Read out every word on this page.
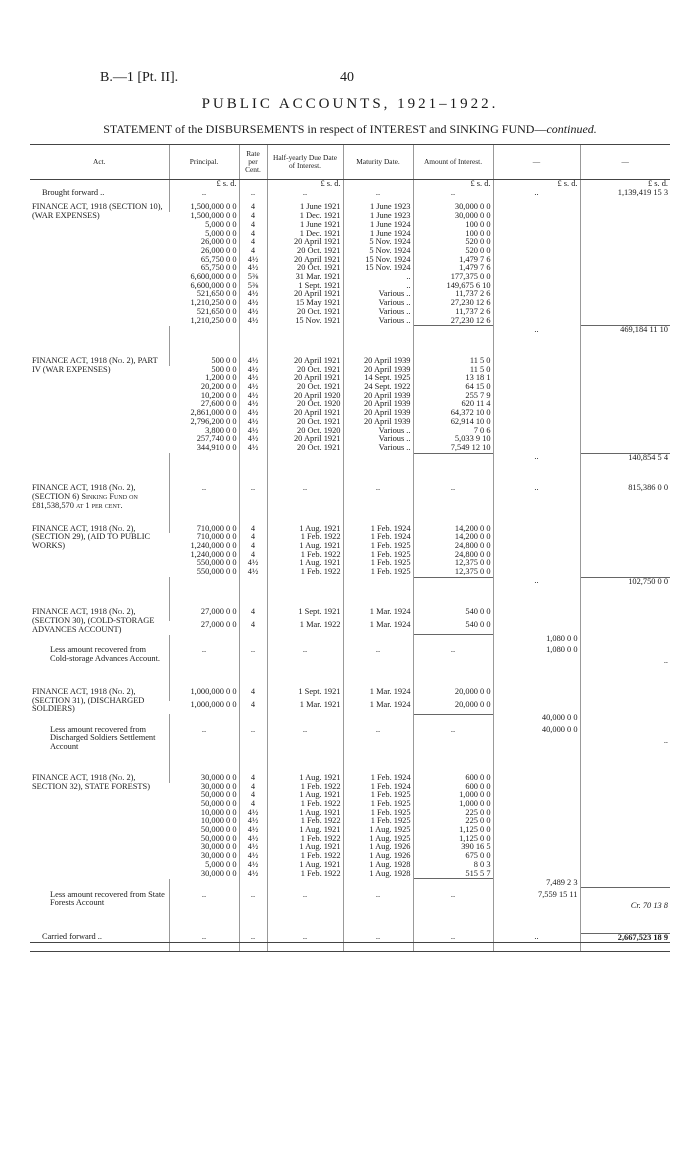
B.—1 [Pt. II].	40
PUBLIC ACCOUNTS, 1921–1922.
STATEMENT of the DISBURSEMENTS in respect of INTEREST and SINKING FUND—continued.
Act.	Principal.	Rate per Cent.	Half-yearly Due Date of Interest.	Maturity Date.	Amount of Interest.	—	—
	£ s. d.		£ s. d.		£ s. d.	£ s. d.	£ s. d.
Brought forward ..	..	..	..	..	..	..	1,139,419 15 3

FINANCE ACT, 1918 (SECTION 10), (WAR EXPENSES)	1,500,000 0 0	4	1 June 1921	1 June 1923	30,000 0 0		
	1,500,000 0 0	4	1 Dec. 1921	1 June 1923	30,000 0 0		
	5,000 0 0	4	1 June 1921	1 June 1924	100 0 0		
	5,000 0 0	4	1 Dec. 1921	1 June 1924	100 0 0		
	26,000 0 0	4	20 April 1921	5 Nov. 1924	520 0 0		
	26,000 0 0	4	20 Oct. 1921	5 Nov. 1924	520 0 0		
	65,750 0 0	4½	20 April 1921	15 Nov. 1924	1,479 7 6		
	65,750 0 0	4½	20 Oct. 1921	15 Nov. 1924	1,479 7 6		
	6,600,000 0 0	5⅜	31 Mar. 1921	..	177,375 0 0		
	6,600,000 0 0	5⅜	1 Sept. 1921	..	149,675 6 10		
	521,650 0 0	4½	20 April 1921	Various ..	11,737 2 6		
	1,210,250 0 0	4½	15 May 1921	Various ..	27,230 12 6		
	521,650 0 0	4½	20 Oct. 1921	Various ..	11,737 2 6		
	1,210,250 0 0	4½	15 Nov. 1921	Various ..	27,230 12 6		
						..	469,184 11 10

FINANCE ACT, 1918 (No. 2), PART IV (WAR EXPENSES)	500 0 0	4½	20 April 1921	20 April 1939	11 5 0		
	500 0 0	4½	20 Oct. 1921	20 April 1939	11 5 0		
	1,200 0 0	4½	20 April 1921	14 Sept. 1925	13 18 1		
	20,200 0 0	4½	20 Oct. 1921	24 Sept. 1922	64 15 0		
	10,200 0 0	4½	20 April 1920	20 April 1939	255 7 9		
	27,600 0 0	4½	20 Oct. 1920	20 April 1939	620 11 4		
	2,861,000 0 0	4½	20 April 1921	20 April 1939	64,372 10 0		
	2,796,200 0 0	4½	20 Oct. 1921	20 April 1939	62,914 10 0		
	3,800 0 0	4½	20 Oct. 1920	Various ..	7 0 6		
	257,740 0 0	4½	20 April 1921	Various ..	5,033 9 10		
	344,910 0 0	4½	20 Oct. 1921	Various ..	7,549 12 10		
						..	140,854 5 4

FINANCE ACT, 1918 (No. 2), (SECTION 6) Sinking Fund on £81,538,570 at 1 per cent.	..	..	..	..	..	..	815,386 0 0

FINANCE ACT, 1918 (No. 2), (SECTION 29), (AID TO PUBLIC WORKS)	710,000 0 0	4	1 Aug. 1921	1 Feb. 1924	14,200 0 0		
	710,000 0 0	4	1 Feb. 1922	1 Feb. 1924	14,200 0 0		
	1,240,000 0 0	4	1 Aug. 1921	1 Feb. 1925	24,800 0 0		
	1,240,000 0 0	4	1 Feb. 1922	1 Feb. 1925	24,800 0 0		
	550,000 0 0	4½	1 Aug. 1921	1 Feb. 1925	12,375 0 0		
	550,000 0 0	4½	1 Feb. 1922	1 Feb. 1925	12,375 0 0		
						..	102,750 0 0

FINANCE ACT, 1918 (No. 2), (SECTION 30), (COLD-STORAGE ADVANCES ACCOUNT)	27,000 0 0	4	1 Sept. 1921	1 Mar. 1924	540 0 0		
	27,000 0 0	4	1 Mar. 1922	1 Mar. 1924	540 0 0		

						1,080 0 0	
Less amount recovered from Cold-storage Advances Account.	..	..	..	..	..	1,080 0 0	..

FINANCE ACT, 1918 (No. 2), (SECTION 31), (DISCHARGED SOLDIERS)	1,000,000 0 0	4	1 Sept. 1921	1 Mar. 1924	20,000 0 0		
	1,000,000 0 0	4	1 Mar. 1921	1 Mar. 1924	20,000 0 0		

						40,000 0 0	
Less amount recovered from Discharged Soldiers Settlement Account	..	..	..	..	..	40,000 0 0	..

FINANCE ACT, 1918 (No. 2), SECTION 32), STATE FORESTS)	30,000 0 0	4	1 Aug. 1921	1 Feb. 1924	600 0 0		
	30,000 0 0	4	1 Feb. 1922	1 Feb. 1924	600 0 0		
	50,000 0 0	4	1 Aug. 1921	1 Feb. 1925	1,000 0 0		
	50,000 0 0	4	1 Feb. 1922	1 Feb. 1925	1,000 0 0		
	10,000 0 0	4½	1 Aug. 1921	1 Feb. 1925	225 0 0		
	10,000 0 0	4½	1 Feb. 1922	1 Feb. 1925	225 0 0		
	50,000 0 0	4½	1 Aug. 1921	1 Aug. 1925	1,125 0 0		
	50,000 0 0	4½	1 Feb. 1922	1 Aug. 1925	1,125 0 0		
	30,000 0 0	4½	1 Aug. 1921	1 Aug. 1926	390 16 5		
	30,000 0 0	4½	1 Feb. 1922	1 Aug. 1926	675 0 0		
	5,000 0 0	4½	1 Aug. 1921	1 Aug. 1928	8 0 3		
	30,000 0 0	4½	1 Feb. 1922	1 Aug. 1928	515 5 7		
						7,489 2 3	
Less amount recovered from State Forests Account	..	..	..	..	..	7,559 15 11	Cr. 70 13 8

Carried forward ..	..	..	..	..	..	..	2,667,523 18 9
